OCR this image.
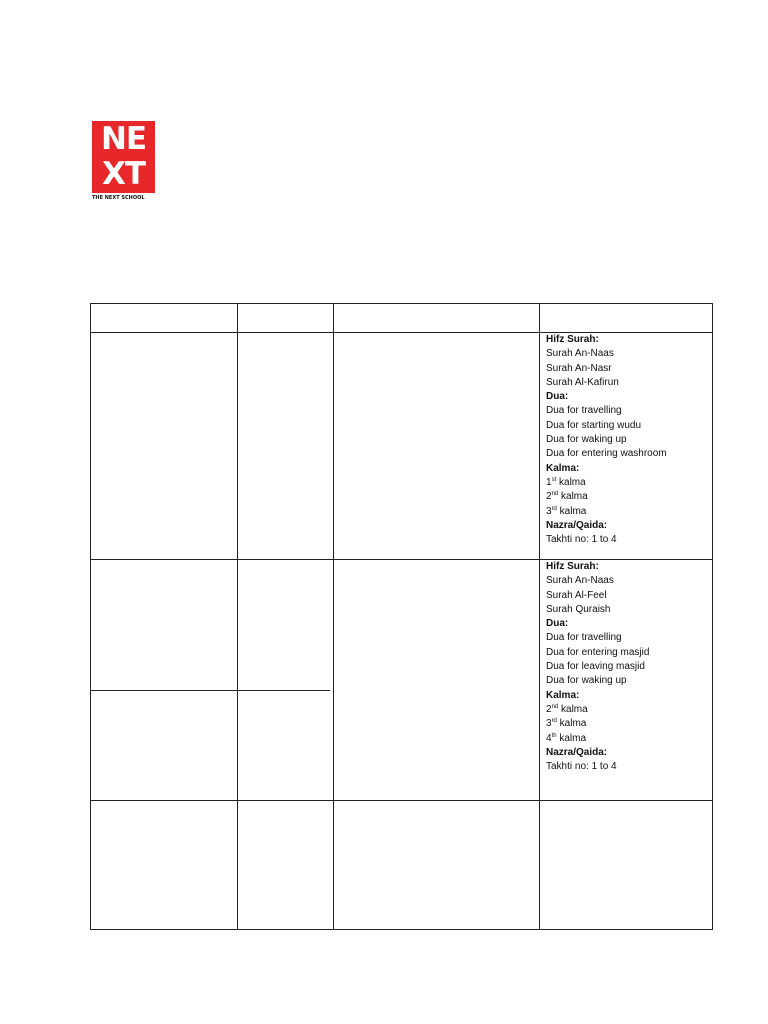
NE
XT
THE NEXT SCHOOL
Hifz Surah:
Surah An-Naas
Surah An-Nasr
Surah Al-Kafirun
Dua:
Dua for travelling
Dua for starting wudu
Dua for waking up
Dua for entering washroom
Kalma:
1st kalma
2nd kalma
3rd kalma
Nazra/Qaida:
Takhti no: 1 to 4
Hifz Surah:
Surah An-Naas
Surah Al-Feel
Surah Quraish
Dua:
Dua for travelling
Dua for entering masjid
Dua for leaving masjid
Dua for waking up
Kalma:
2nd kalma
3rd kalma
4th kalma
Nazra/Qaida:
Takhti no: 1 to 4
